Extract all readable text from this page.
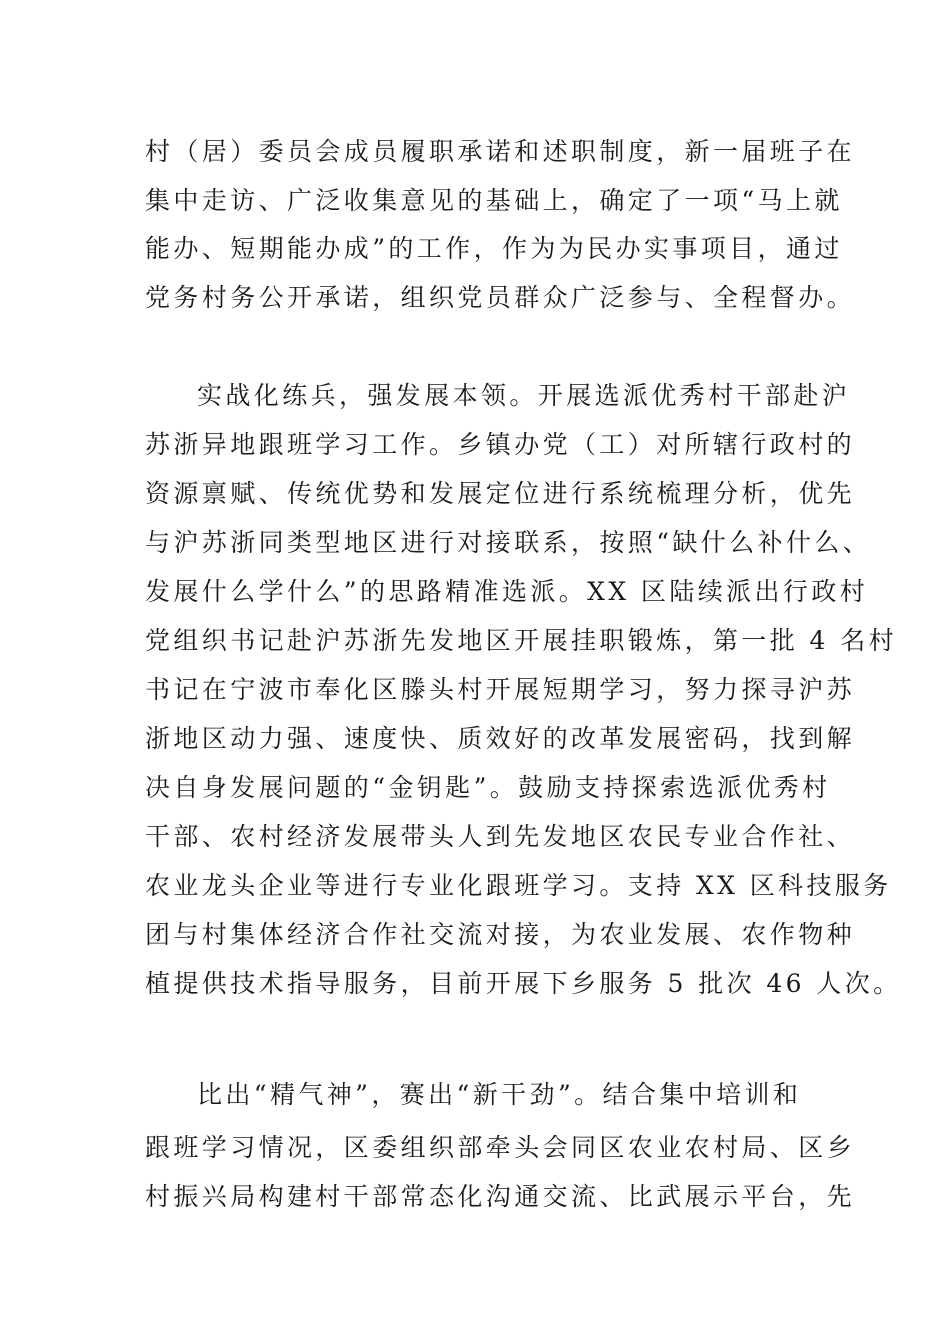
村（居）委员会成员履职承诺和述职制度，新一届班子在

集中走访、广泛收集意见的基础上，确定了一项“马上就

能办、短期能办成”的工作，作为为民办实事项目，通过

党务村务公开承诺，组织党员群众广泛参与、全程督办。

实战化练兵，强发展本领。开展选派优秀村干部赴沪

苏浙异地跟班学习工作。乡镇办党（工）对所辖行政村的

资源禀赋、传统优势和发展定位进行系统梳理分析，优先

与沪苏浙同类型地区进行对接联系，按照“缺什么补什么、

发展什么学什么”的思路精准选派。XX 区陆续派出行政村

党组织书记赴沪苏浙先发地区开展挂职锻炼，第一批 4 名村

书记在宁波市奉化区滕头村开展短期学习，努力探寻沪苏

浙地区动力强、速度快、质效好的改革发展密码，找到解

决自身发展问题的“金钥匙”。鼓励支持探索选派优秀村

干部、农村经济发展带头人到先发地区农民专业合作社、

农业龙头企业等进行专业化跟班学习。支持 XX 区科技服务

团与村集体经济合作社交流对接，为农业发展、农作物种

植提供技术指导服务，目前开展下乡服务 5 批次 46 人次。

比出“精气神”，赛出“新干劲”。结合集中培训和

跟班学习情况，区委组织部牵头会同区农业农村局、区乡

村振兴局构建村干部常态化沟通交流、比武展示平台，先
